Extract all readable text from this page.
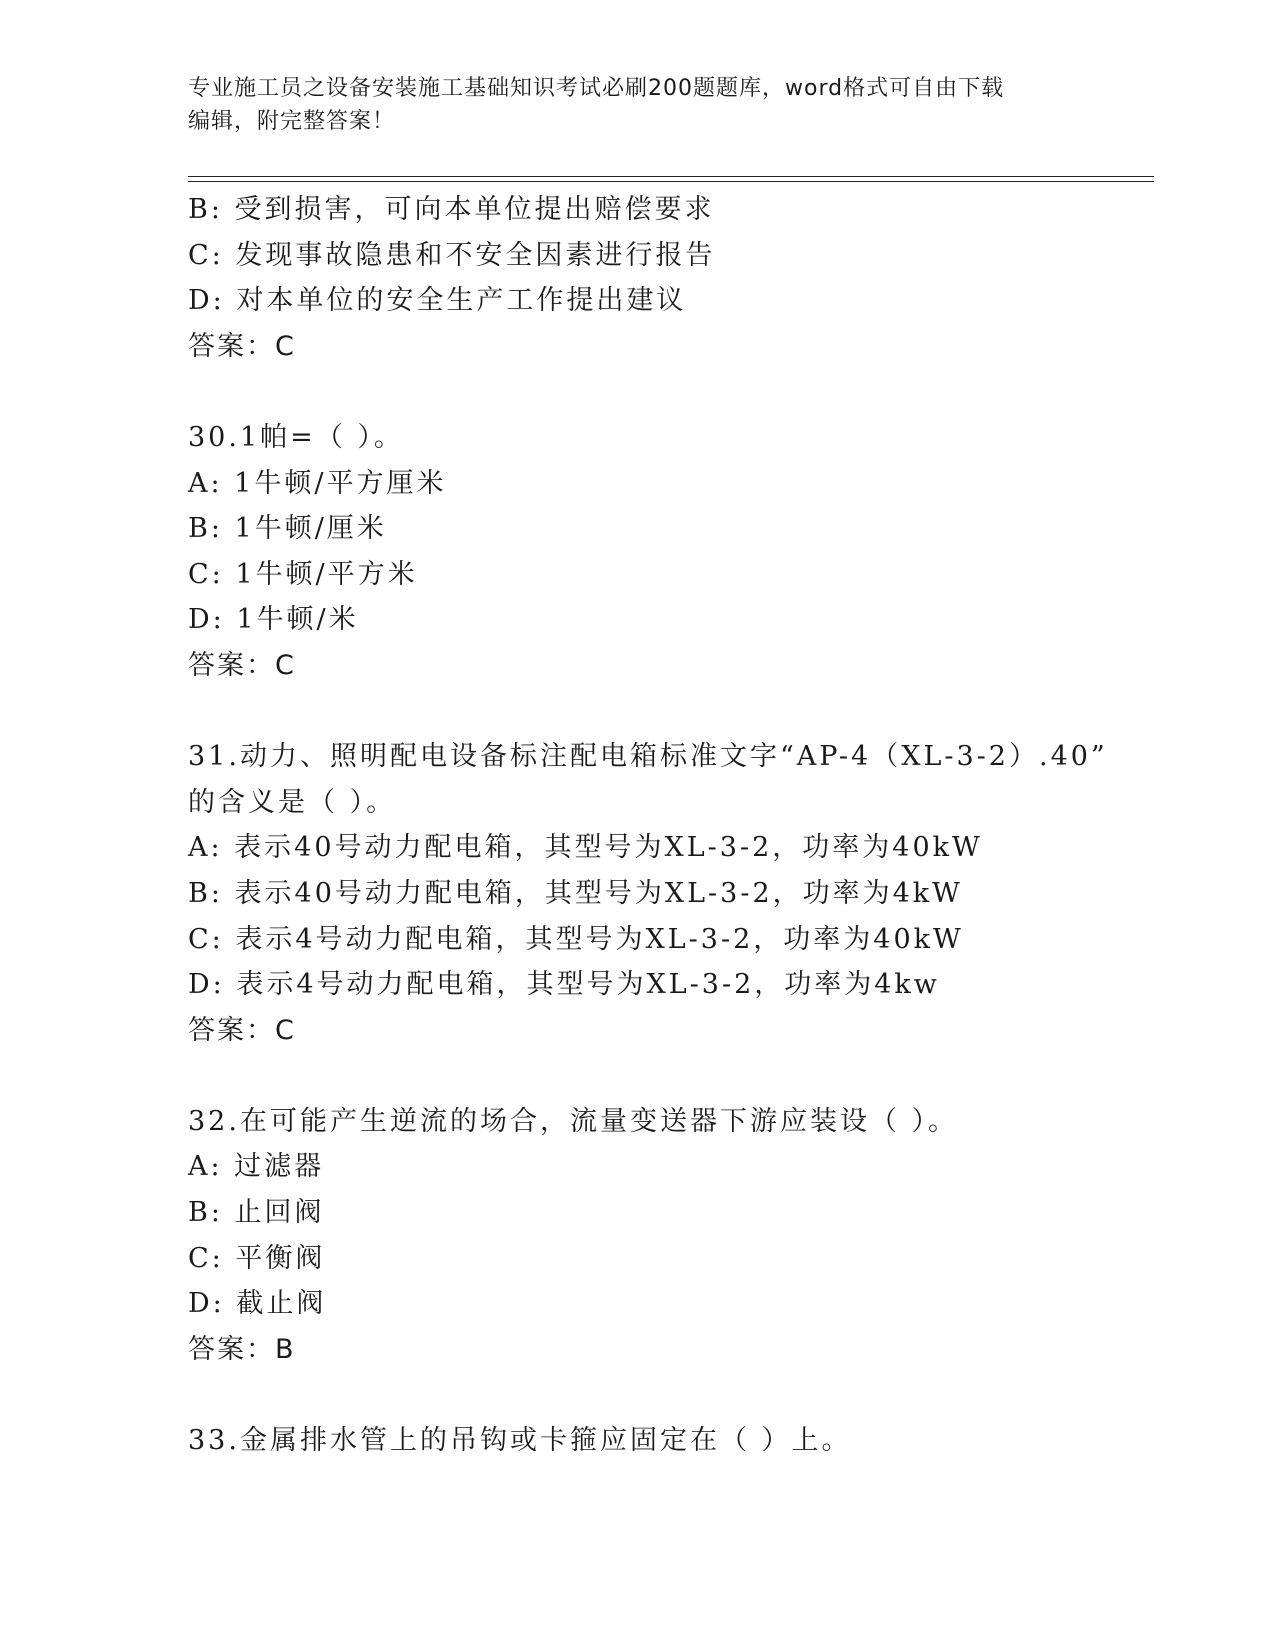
专业施工员之设备安装施工基础知识考试必刷200题题库，word格式可自由下载
编辑，附完整答案！
B: 受到损害，可向本单位提出赔偿要求
C: 发现事故隐患和不安全因素进行报告
D: 对本单位的安全生产工作提出建议
答案：C
30.1帕=（ ）。
A: 1牛顿/平方厘米
B: 1牛顿/厘米
C: 1牛顿/平方米
D: 1牛顿/米
答案：C
31.动力、照明配电设备标注配电箱标准文字“AP-4（XL-3-2）.40”
的含义是（ ）。
A: 表示40号动力配电箱，其型号为XL-3-2，功率为40kW
B: 表示40号动力配电箱，其型号为XL-3-2，功率为4kW
C: 表示4号动力配电箱，其型号为XL-3-2，功率为40kW
D: 表示4号动力配电箱，其型号为XL-3-2，功率为4kw
答案：C
32.在可能产生逆流的场合，流量变送器下游应装设（ ）。
A: 过滤器
B: 止回阀
C: 平衡阀
D: 截止阀
答案：B
33.金属排水管上的吊钩或卡箍应固定在（ ）上。
